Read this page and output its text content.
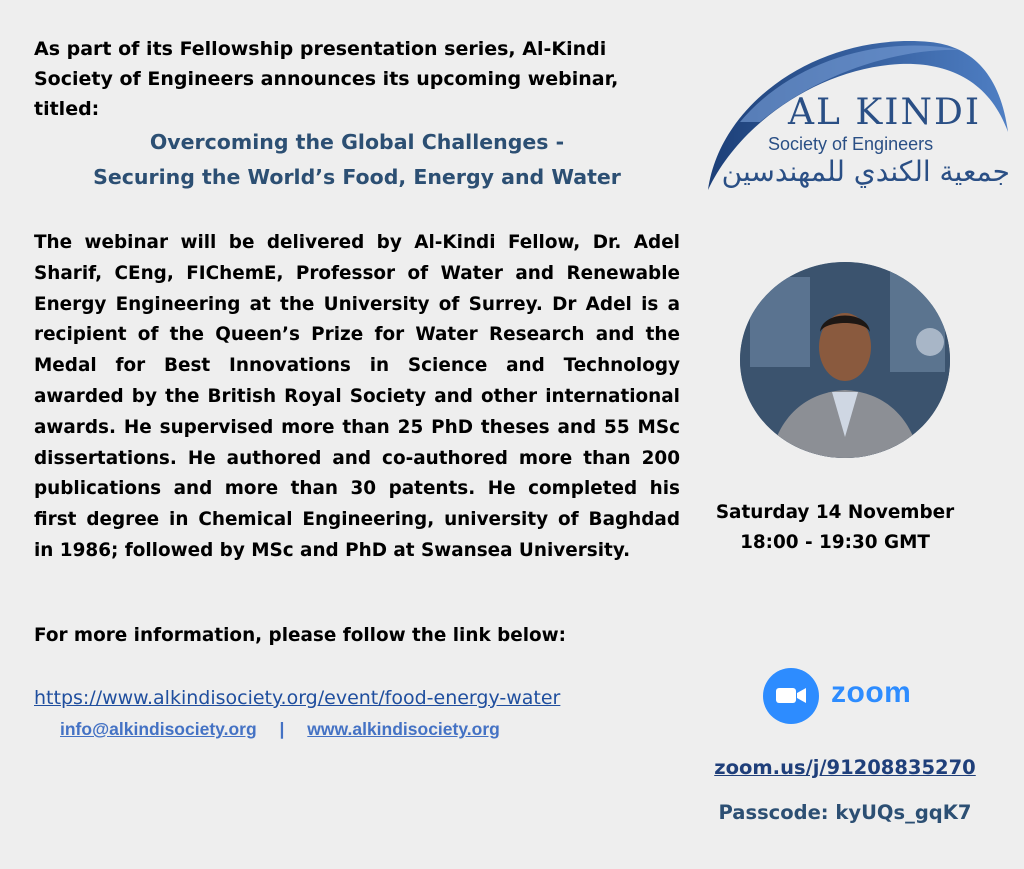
As part of its Fellowship presentation series, Al-Kindi Society of Engineers announces its upcoming webinar, titled:

Overcoming the Global Challenges -
Securing the World’s Food, Energy and Water

The webinar will be delivered by Al-Kindi Fellow, Dr. Adel Sharif, CEng, FIChemE, Professor of Water and Renewable Energy Engineering at the University of Surrey. Dr Adel is a recipient of the Queen’s Prize for Water Research and the Medal for Best Innovations in Science and Technology awarded by the British Royal Society and other international awards. He supervised more than 25 PhD theses and 55 MSc dissertations. He authored and co-authored more than 200 publications and more than 30 patents. He completed his first degree in Chemical Engineering, university of Baghdad in 1986; followed by MSc and PhD at Swansea University.

For more information, please follow the link below:

https://www.alkindisociety.org/event/food-energy-water
info@alkindisociety.org | www.alkindisociety.org
AL KINDI
Society of Engineers
جمعية الكندي للمهندسين
Saturday 14 November
18:00 - 19:30 GMT
zoom
zoom.us/j/91208835270
Passcode: kyUQs_gqK7
